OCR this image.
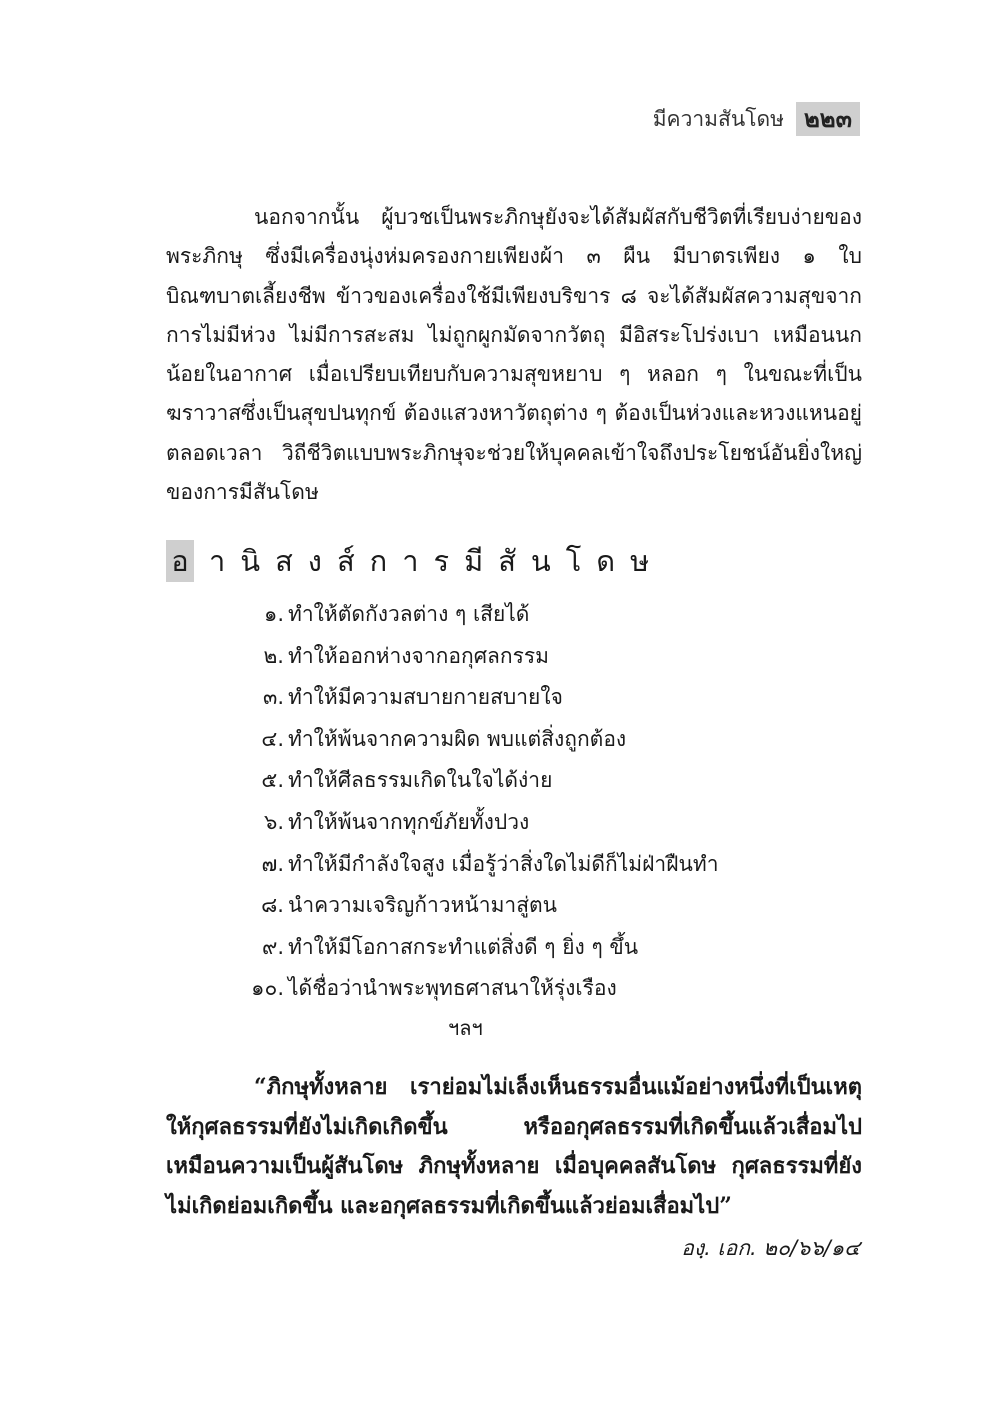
มีความสันโดษ ๒๒๓

นอกจากนั้น ผู้บวชเป็นพระภิกษุยังจะได้สัมผัสกับชีวิตที่เรียบง่ายของพระภิกษุ ซึ่งมีเครื่องนุ่งห่มครองกายเพียงผ้า ๓ ผืน มีบาตรเพียง ๑ ใบ บิณฑบาตเลี้ยงชีพ ข้าวของเครื่องใช้มีเพียงบริขาร ๘ จะได้สัมผัสความสุขจากการไม่มีห่วง ไม่มีการสะสม ไม่ถูกผูกมัดจากวัตถุ มีอิสระโปร่งเบา เหมือนนกน้อยในอากาศ เมื่อเปรียบเทียบกับความสุขหยาบ ๆ หลอก ๆ ในขณะที่เป็นฆราวาสซึ่งเป็นสุขปนทุกข์ ต้องแสวงหาวัตถุต่าง ๆ ต้องเป็นห่วงและหวงแหนอยู่ตลอดเวลา วิถีชีวิตแบบพระภิกษุจะช่วยให้บุคคลเข้าใจถึงประโยชน์อันยิ่งใหญ่ของการมีสันโดษ

อ านิสงส์การมีสันโดษ
๑. ทำให้ตัดกังวลต่าง ๆ เสียได้
๒. ทำให้ออกห่างจากอกุศลกรรม
๓. ทำให้มีความสบายกายสบายใจ
๔. ทำให้พ้นจากความผิด พบแต่สิ่งถูกต้อง
๕. ทำให้ศีลธรรมเกิดในใจได้ง่าย
๖. ทำให้พ้นจากทุกข์ภัยทั้งปวง
๗. ทำให้มีกำลังใจสูง เมื่อรู้ว่าสิ่งใดไม่ดีก็ไม่ฝ่าฝืนทำ
๘. นำความเจริญก้าวหน้ามาสู่ตน
๙. ทำให้มีโอกาสกระทำแต่สิ่งดี ๆ ยิ่ง ๆ ขึ้น
๑๐. ได้ชื่อว่านำพระพุทธศาสนาให้รุ่งเรือง
ฯลฯ

“ภิกษุทั้งหลาย เราย่อมไม่เล็งเห็นธรรมอื่นแม้อย่างหนึ่งที่เป็นเหตุให้กุศลธรรมที่ยังไม่เกิดเกิดขึ้น หรืออกุศลธรรมที่เกิดขึ้นแล้วเสื่อมไป เหมือนความเป็นผู้สันโดษ ภิกษุทั้งหลาย เมื่อบุคคลสันโดษ กุศลธรรมที่ยังไม่เกิดย่อมเกิดขึ้น และอกุศลธรรมที่เกิดขึ้นแล้วย่อมเสื่อมไป”

องฺ. เอก. ๒๐/๖๖/๑๔
